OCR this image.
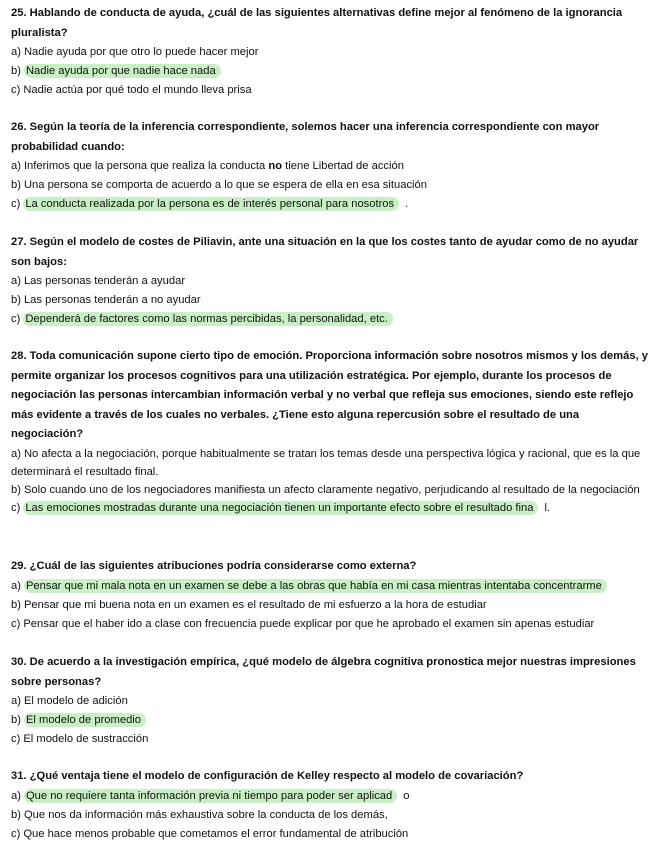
25. Hablando de conducta de ayuda, ¿cuál de las siguientes alternativas define mejor al fenómeno de la ignorancia pluralista?

a) Nadie ayuda por que otro lo puede hacer mejor

b) Nadie ayuda por que nadie hace nada

c) Nadie actúa por qué todo el mundo lleva prisa

26. Según la teoría de la inferencia correspondiente, solemos hacer una inferencia correspondiente con mayor probabilidad cuando:

a) Inferimos que la persona que realiza la conducta no tiene Libertad de acción

b) Una persona se comporta de acuerdo a lo que se espera de ella en esa situación

c) La conducta realizada por la persona es de interés personal para nosotros .

27. Según el modelo de costes de Piliavin, ante una situación en la que los costes tanto de ayudar como de no ayudar son bajos:

a) Las personas tenderán a ayudar

b) Las personas tenderán a no ayudar

c) Dependerá de factores como las normas percibidas, la personalidad, etc.

28. Toda comunicación supone cierto tipo de emoción. Proporciona información sobre nosotros mismos y los demás, y permite organizar los procesos cognitivos para una utilización estratégica. Por ejemplo, durante los procesos de negociación las personas intercambian información verbal y no verbal que refleja sus emociones, siendo este reflejo más evidente a través de los cuales no verbales. ¿Tiene esto alguna repercusión sobre el resultado de una negociación?

a) No afecta a la negociación, porque habitualmente se tratan los temas desde una perspectiva lógica y racional, que es la que determinará el resultado final.

b) Solo cuando uno de los negociadores manifiesta un afecto claramente negativo, perjudicando al resultado de la negociación

c) Las emociones mostradas durante una negociación tienen un importante efecto sobre el resultado fina l.

29. ¿Cuál de las siguientes atribuciones podría considerarse como externa?

a) Pensar que mi mala nota en un examen se debe a las obras que había en mi casa mientras intentaba concentrarme

b) Pensar que mi buena nota en un examen es el resultado de mi esfuerzo a la hora de estudiar

c) Pensar que el haber ido a clase con frecuencia puede explicar por que he aprobado el examen sin apenas estudiar

30. De acuerdo a la investigación empírica, ¿qué modelo de álgebra cognitiva pronostica mejor nuestras impresiones sobre personas?

a) El modelo de adición

b) El modelo de promedio

c) El modelo de sustracción

31. ¿Qué ventaja tiene el modelo de configuración de Kelley respecto al modelo de covariación?

a) Que no requiere tanta información previa ni tiempo para poder ser aplicad o

b) Que nos da información más exhaustiva sobre la conducta de los demás,

c) Que hace menos probable que cometamos el error fundamental de atribución
